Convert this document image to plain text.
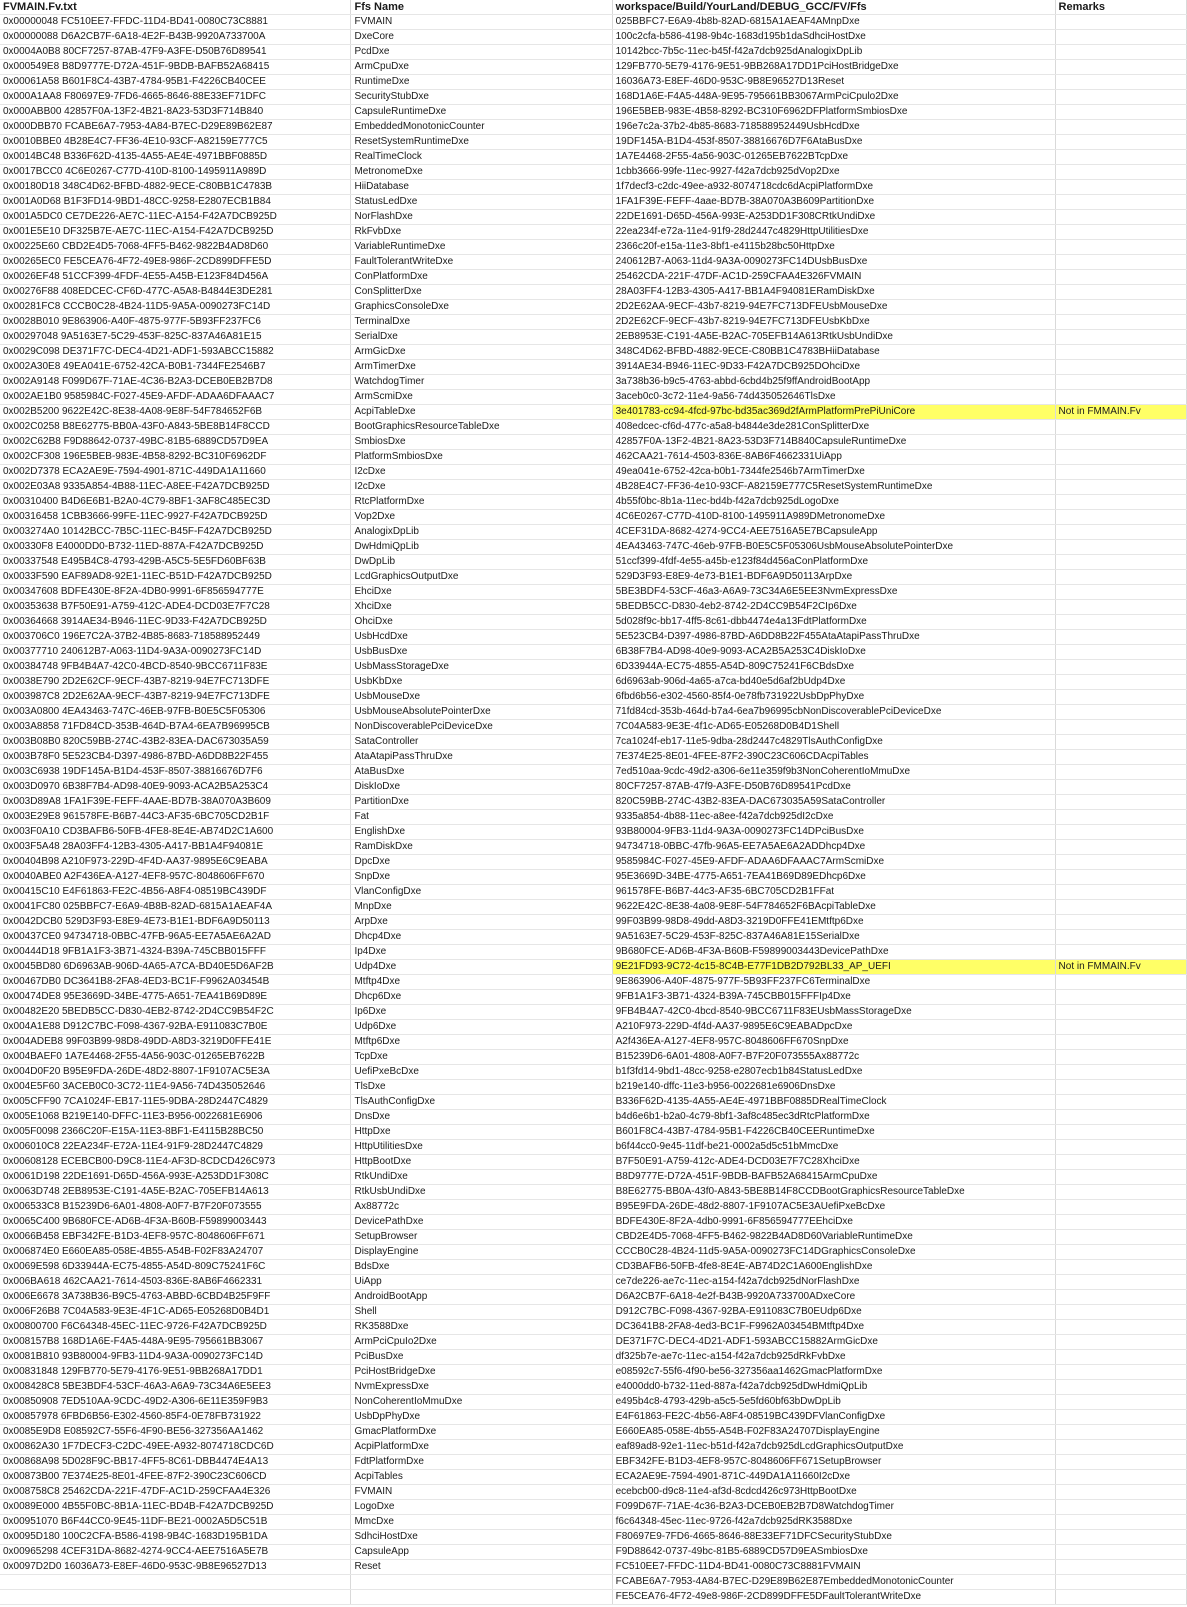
FVMAIN.Fv.txt	Ffs Name	workspace/Build/YourLand/DEBUG_GCC/FV/Ffs	Remarks
0x00000048 FC510EE7-FFDC-11D4-BD41-0080C73C8881	FVMAIN	025BBFC7-E6A9-4b8b-82AD-6815A1AEAF4AMnpDxe	
0x00000088 D6A2CB7F-6A18-4E2F-B43B-9920A733700A	DxeCore	100c2cfa-b586-4198-9b4c-1683d195b1daSdhciHostDxe	
0x0004A0B8 80CF7257-87AB-47F9-A3FE-D50B76D89541	PcdDxe	10142bcc-7b5c-11ec-b45f-f42a7dcb925dAnalogixDpLib	
0x000549E8 B8D9777E-D72A-451F-9BDB-BAFB52A68415	ArmCpuDxe	129FB770-5E79-4176-9E51-9BB268A17DD1PciHostBridgeDxe	
0x00061A58 B601F8C4-43B7-4784-95B1-F4226CB40CEE	RuntimeDxe	16036A73-E8EF-46D0-953C-9B8E96527D13Reset	
0x000A1AA8 F80697E9-7FD6-4665-8646-88E33EF71DFC	SecurityStubDxe	168D1A6E-F4A5-448A-9E95-795661BB3067ArmPciCpulo2Dxe	
0x000ABB00 42857F0A-13F2-4B21-8A23-53D3F714B840	CapsuleRuntimeDxe	196E5BEB-983E-4B58-8292-BC310F6962DFPlatformSmbiosDxe	
0x000DBB70 FCABE6A7-7953-4A84-B7EC-D29E89B62E87	EmbeddedMonotonicCounter	196e7c2a-37b2-4b85-8683-718588952449UsbHcdDxe	
0x0010BBE0 4B28E4C7-FF36-4E10-93CF-A82159E777C5	ResetSystemRuntimeDxe	19DF145A-B1D4-453f-8507-38816676D7F6AtaBusDxe	
0x0014BC48 B336F62D-4135-4A55-AE4E-4971BBF0885D	RealTimeClock	1A7E4468-2F55-4a56-903C-01265EB7622BTcpDxe	
0x0017BCC0 4C6E0267-C77D-410D-8100-1495911A989D	MetronomeDxe	1cbb3666-99fe-11ec-9927-f42a7dcb925dVop2Dxe	
0x00180D18 348C4D62-BFBD-4882-9ECE-C80BB1C4783B	HiiDatabase	1f7decf3-c2dc-49ee-a932-8074718cdc6dAcpiPlatformDxe	
0x001A0D68 B1F3FD14-9BD1-48CC-9258-E2807ECB1B84	StatusLedDxe	1FA1F39E-FEFF-4aae-BD7B-38A070A3B609PartitionDxe	
0x001A5DC0 CE7DE226-AE7C-11EC-A154-F42A7DCB925D	NorFlashDxe	22DE1691-D65D-456A-993E-A253DD1F308CRtkUndiDxe	
0x001E5E10 DF325B7E-AE7C-11EC-A154-F42A7DCB925D	RkFvbDxe	22ea234f-e72a-11e4-91f9-28d2447c4829HttpUtilitiesDxe	
0x00225E60 CBD2E4D5-7068-4FF5-B462-9822B4AD8D60	VariableRuntimeDxe	2366c20f-e15a-11e3-8bf1-e4115b28bc50HttpDxe	
0x00265EC0 FE5CEA76-4F72-49E8-986F-2CD899DFFE5D	FaultTolerantWriteDxe	240612B7-A063-11d4-9A3A-0090273FC14DUsbBusDxe	
0x0026EF48 51CCF399-4FDF-4E55-A45B-E123F84D456A	ConPlatformDxe	25462CDA-221F-47DF-AC1D-259CFAA4E326FVMAIN	
0x00276F88 408EDCEC-CF6D-477C-A5A8-B4844E3DE281	ConSplitterDxe	28A03FF4-12B3-4305-A417-BB1A4F94081ERamDiskDxe	
0x00281FC8 CCCB0C28-4B24-11D5-9A5A-0090273FC14D	GraphicsConsoleDxe	2D2E62AA-9ECF-43b7-8219-94E7FC713DFEUsbMouseDxe	
0x0028B010 9E863906-A40F-4875-977F-5B93FF237FC6	TerminalDxe	2D2E62CF-9ECF-43b7-8219-94E7FC713DFEUsbKbDxe	
0x00297048 9A5163E7-5C29-453F-825C-837A46A81E15	SerialDxe	2EB8953E-C191-4A5E-B2AC-705EFB14A613RtkUsbUndiDxe	
0x0029C098 DE371F7C-DEC4-4D21-ADF1-593ABCC15882	ArmGicDxe	348C4D62-BFBD-4882-9ECE-C80BB1C4783BHiiDatabase	
0x002A30E8 49EA041E-6752-42CA-B0B1-7344FE2546B7	ArmTimerDxe	3914AE34-B946-11EC-9D33-F42A7DCB925DOhciDxe	
0x002A9148 F099D67F-71AE-4C36-B2A3-DCEB0EB2B7D8	WatchdogTimer	3a738b36-b9c5-4763-abbd-6cbd4b25f9ffAndroidBootApp	
0x002AE1B0 9585984C-F027-45E9-AFDF-ADAA6DFAAAC7	ArmScmiDxe	3aceb0c0-3c72-11e4-9a56-74d435052646TlsDxe	
0x002B5200 9622E42C-8E38-4A08-9E8F-54F784652F6B	AcpiTableDxe	3e401783-cc94-4fcd-97bc-bd35ac369d2fArmPlatformPrePiUniCore	Not in FMMAIN.Fv
0x002C0258 B8E62775-BB0A-43F0-A843-5BE8B14F8CCD	BootGraphicsResourceTableDxe	408edcec-cf6d-477c-a5a8-b4844e3de281ConSplitterDxe	
0x002C62B8 F9D88642-0737-49BC-81B5-6889CD57D9EA	SmbiosDxe	42857F0A-13F2-4B21-8A23-53D3F714B840CapsuleRuntimeDxe	
0x002CF308 196E5BEB-983E-4B58-8292-BC310F6962DF	PlatformSmbiosDxe	462CAA21-7614-4503-836E-8AB6F4662331UiApp	
0x002D7378 ECA2AE9E-7594-4901-871C-449DA1A11660	I2cDxe	49ea041e-6752-42ca-b0b1-7344fe2546b7ArmTimerDxe	
0x002E03A8 9335A854-4B88-11EC-A8EE-F42A7DCB925D	I2cDxe	4B28E4C7-FF36-4e10-93CF-A82159E777C5ResetSystemRuntimeDxe	
0x00310400 B4D6E6B1-B2A0-4C79-8BF1-3AF8C485EC3D	RtcPlatformDxe	4b55f0bc-8b1a-11ec-bd4b-f42a7dcb925dLogoDxe	
0x00316458 1CBB3666-99FE-11EC-9927-F42A7DCB925D	Vop2Dxe	4C6E0267-C77D-410D-8100-1495911A989DMetronomeDxe	
0x003274A0 10142BCC-7B5C-11EC-B45F-F42A7DCB925D	AnalogixDpLib	4CEF31DA-8682-4274-9CC4-AEE7516A5E7BCapsuleApp	
0x00330F8 E4000DD0-B732-11ED-887A-F42A7DCB925D	DwHdmiQpLib	4EA43463-747C-46eb-97FB-B0E5C5F05306UsbMouseAbsolutePointerDxe	
0x00337548 E495B4C8-4793-429B-A5C5-5E5FD60BF63B	DwDpLib	51ccf399-4fdf-4e55-a45b-e123f84d456aConPlatformDxe	
0x0033F590 EAF89AD8-92E1-11EC-B51D-F42A7DCB925D	LcdGraphicsOutputDxe	529D3F93-E8E9-4e73-B1E1-BDF6A9D50113ArpDxe	
0x00347608 BDFE430E-8F2A-4DB0-9991-6F856594777E	EhciDxe	5BE3BDF4-53CF-46a3-A6A9-73C34A6E5EE3NvmExpressDxe	
0x00353638 B7F50E91-A759-412C-ADE4-DCD03E7F7C28	XhciDxe	5BEDB5CC-D830-4eb2-8742-2D4CC9B54F2CIp6Dxe	
0x00364668 3914AE34-B946-11EC-9D33-F42A7DCB925D	OhciDxe	5d028f9c-bb17-4ff5-8c61-dbb4474e4a13FdtPlatformDxe	
0x003706C0 196E7C2A-37B2-4B85-8683-718588952449	UsbHcdDxe	5E523CB4-D397-4986-87BD-A6DD8B22F455AtaAtapiPassThruDxe	
0x00377710 240612B7-A063-11D4-9A3A-0090273FC14D	UsbBusDxe	6B38F7B4-AD98-40e9-9093-ACA2B5A253C4DiskIoDxe	
0x00384748 9FB4B4A7-42C0-4BCD-8540-9BCC6711F83E	UsbMassStorageDxe	6D33944A-EC75-4855-A54D-809C75241F6CBdsDxe	
0x0038E790 2D2E62CF-9ECF-43B7-8219-94E7FC713DFE	UsbKbDxe	6d6963ab-906d-4a65-a7ca-bd40e5d6af2bUdp4Dxe	
0x003987C8 2D2E62AA-9ECF-43B7-8219-94E7FC713DFE	UsbMouseDxe	6fbd6b56-e302-4560-85f4-0e78fb731922UsbDpPhyDxe	
0x003A0800 4EA43463-747C-46EB-97FB-B0E5C5F05306	UsbMouseAbsolutePointerDxe	71fd84cd-353b-464d-b7a4-6ea7b96995cbNonDiscoverablePciDeviceDxe	
0x003A8858 71FD84CD-353B-464D-B7A4-6EA7B96995CB	NonDiscoverablePciDeviceDxe	7C04A583-9E3E-4f1c-AD65-E05268D0B4D1Shell	
0x003B08B0 820C59BB-274C-43B2-83EA-DAC673035A59	SataController	7ca1024f-eb17-11e5-9dba-28d2447c4829TlsAuthConfigDxe	
0x003B78F0 5E523CB4-D397-4986-87BD-A6DD8B22F455	AtaAtapiPassThruDxe	7E374E25-8E01-4FEE-87F2-390C23C606CDAcpiTables	
0x003C6938 19DF145A-B1D4-453F-8507-38816676D7F6	AtaBusDxe	7ed510aa-9cdc-49d2-a306-6e11e359f9b3NonCoherentIoMmuDxe	
0x003D0970 6B38F7B4-AD98-40E9-9093-ACA2B5A253C4	DiskIoDxe	80CF7257-87AB-47f9-A3FE-D50B76D89541PcdDxe	
0x003D89A8 1FA1F39E-FEFF-4AAE-BD7B-38A070A3B609	PartitionDxe	820C59BB-274C-43B2-83EA-DAC673035A59SataController	
0x003E29E8 961578FE-B6B7-44C3-AF35-6BC705CD2B1F	Fat	9335a854-4b88-11ec-a8ee-f42a7dcb925dI2cDxe	
0x003F0A10 CD3BAFB6-50FB-4FE8-8E4E-AB74D2C1A600	EnglishDxe	93B80004-9FB3-11d4-9A3A-0090273FC14DPciBusDxe	
0x003F5A48 28A03FF4-12B3-4305-A417-BB1A4F94081E	RamDiskDxe	94734718-0BBC-47fb-96A5-EE7A5AE6A2ADDhcp4Dxe	
0x00404B98 A210F973-229D-4F4D-AA37-9895E6C9EABA	DpcDxe	9585984C-F027-45E9-AFDF-ADAA6DFAAAC7ArmScmiDxe	
0x0040ABE0 A2F436EA-A127-4EF8-957C-8048606FF670	SnpDxe	95E3669D-34BE-4775-A651-7EA41B69D89EDhcp6Dxe	
0x00415C10 E4F61863-FE2C-4B56-A8F4-08519BC439DF	VlanConfigDxe	961578FE-B6B7-44c3-AF35-6BC705CD2B1FFat	
0x0041FC80 025BBFC7-E6A9-4B8B-82AD-6815A1AEAF4A	MnpDxe	9622E42C-8E38-4a08-9E8F-54F784652F6BAcpiTableDxe	
0x0042DCB0 529D3F93-E8E9-4E73-B1E1-BDF6A9D50113	ArpDxe	99F03B99-98D8-49dd-A8D3-3219D0FFE41EMtftp6Dxe	
0x00437CE0 94734718-0BBC-47FB-96A5-EE7A5AE6A2AD	Dhcp4Dxe	9A5163E7-5C29-453F-825C-837A46A81E15SerialDxe	
0x00444D18 9FB1A1F3-3B71-4324-B39A-745CBB015FFF	Ip4Dxe	9B680FCE-AD6B-4F3A-B60B-F59899003443DevicePathDxe	
0x0045BD80 6D6963AB-906D-4A65-A7CA-BD40E5D6AF2B	Udp4Dxe	9E21FD93-9C72-4c15-8C4B-E77F1DB2D792BL33_AP_UEFI	Not in FMMAIN.Fv
0x00467DB0 DC3641B8-2FA8-4ED3-BC1F-F9962A03454B	Mtftp4Dxe	9E863906-A40F-4875-977F-5B93FF237FC6TerminalDxe	
0x00474DE8 95E3669D-34BE-4775-A651-7EA41B69D89E	Dhcp6Dxe	9FB1A1F3-3B71-4324-B39A-745CBB015FFFIp4Dxe	
0x00482E20 5BEDB5CC-D830-4EB2-8742-2D4CC9B54F2C	Ip6Dxe	9FB4B4A7-42C0-4bcd-8540-9BCC6711F83EUsbMassStorageDxe	
0x004A1E88 D912C7BC-F098-4367-92BA-E911083C7B0E	Udp6Dxe	A210F973-229D-4f4d-AA37-9895E6C9EABADpcDxe	
0x004ADEB8 99F03B99-98D8-49DD-A8D3-3219D0FFE41E	Mtftp6Dxe	A2f436EA-A127-4EF8-957C-8048606FF670SnpDxe	
0x004BAEF0 1A7E4468-2F55-4A56-903C-01265EB7622B	TcpDxe	B15239D6-6A01-4808-A0F7-B7F20F073555Ax88772c	
0x004D0F20 B95E9FDA-26DE-48D2-8807-1F9107AC5E3A	UefiPxeBcDxe	b1f3fd14-9bd1-48cc-9258-e2807ecb1b84StatusLedDxe	
0x004E5F60 3ACEB0C0-3C72-11E4-9A56-74D435052646	TlsDxe	b219e140-dffc-11e3-b956-0022681e6906DnsDxe	
0x005CFF90 7CA1024F-EB17-11E5-9DBA-28D2447C4829	TlsAuthConfigDxe	B336F62D-4135-4A55-AE4E-4971BBF0885DRealTimeClock	
0x005E1068 B219E140-DFFC-11E3-B956-0022681E6906	DnsDxe	b4d6e6b1-b2a0-4c79-8bf1-3af8c485ec3dRtcPlatformDxe	
0x005F0098 2366C20F-E15A-11E3-8BF1-E4115B28BC50	HttpDxe	B601F8C4-43B7-4784-95B1-F4226CB40CEERuntimeDxe	
0x006010C8 22EA234F-E72A-11E4-91F9-28D2447C4829	HttpUtilitiesDxe	b6f44cc0-9e45-11df-be21-0002a5d5c51bMmcDxe	
0x00608128 ECEBCB00-D9C8-11E4-AF3D-8CDCD426C973	HttpBootDxe	B7F50E91-A759-412c-ADE4-DCD03E7F7C28XhciDxe	
0x0061D198 22DE1691-D65D-456A-993E-A253DD1F308C	RtkUndiDxe	B8D9777E-D72A-451F-9BDB-BAFB52A68415ArmCpuDxe	
0x0063D748 2EB8953E-C191-4A5E-B2AC-705EFB14A613	RtkUsbUndiDxe	B8E62775-BB0A-43f0-A843-5BE8B14F8CCDBootGraphicsResourceTableDxe	
0x006533C8 B15239D6-6A01-4808-A0F7-B7F20F073555	Ax88772c	B95E9FDA-26DE-48d2-8807-1F9107AC5E3AUefiPxeBcDxe	
0x0065C400 9B680FCE-AD6B-4F3A-B60B-F59899003443	DevicePathDxe	BDFE430E-8F2A-4db0-9991-6F856594777EEhciDxe	
0x0066B458 EBF342FE-B1D3-4EF8-957C-8048606FF671	SetupBrowser	CBD2E4D5-7068-4FF5-B462-9822B4AD8D60VariableRuntimeDxe	
0x006874E0 E660EA85-058E-4B55-A54B-F02F83A24707	DisplayEngine	CCCB0C28-4B24-11d5-9A5A-0090273FC14DGraphicsConsoleDxe	
0x0069E598 6D33944A-EC75-4855-A54D-809C75241F6C	BdsDxe	CD3BAFB6-50FB-4fe8-8E4E-AB74D2C1A600EnglishDxe	
0x006BA618 462CAA21-7614-4503-836E-8AB6F4662331	UiApp	ce7de226-ae7c-11ec-a154-f42a7dcb925dNorFlashDxe	
0x006E6678 3A738B36-B9C5-4763-ABBD-6CBD4B25F9FF	AndroidBootApp	D6A2CB7F-6A18-4e2f-B43B-9920A733700ADxeCore	
0x006F26B8 7C04A583-9E3E-4F1C-AD65-E05268D0B4D1	Shell	D912C7BC-F098-4367-92BA-E911083C7B0EUdp6Dxe	
0x00800700 F6C64348-45EC-11EC-9726-F42A7DCB925D	RK3588Dxe	DC3641B8-2FA8-4ed3-BC1F-F9962A03454BMtftp4Dxe	
0x008157B8 168D1A6E-F4A5-448A-9E95-795661BB3067	ArmPciCpuIo2Dxe	DE371F7C-DEC4-4D21-ADF1-593ABCC15882ArmGicDxe	
0x0081B810 93B80004-9FB3-11D4-9A3A-0090273FC14D	PciBusDxe	df325b7e-ae7c-11ec-a154-f42a7dcb925dRkFvbDxe	
0x00831848 129FB770-5E79-4176-9E51-9BB268A17DD1	PciHostBridgeDxe	e08592c7-55f6-4f90-be56-327356aa1462GmacPlatformDxe	
0x008428C8 5BE3BDF4-53CF-46A3-A6A9-73C34A6E5EE3	NvmExpressDxe	e4000dd0-b732-11ed-887a-f42a7dcb925dDwHdmiQpLib	
0x00850908 7ED510AA-9CDC-49D2-A306-6E11E359F9B3	NonCoherentIoMmuDxe	e495b4c8-4793-429b-a5c5-5e5fd60bf63bDwDpLib	
0x00857978 6FBD6B56-E302-4560-85F4-0E78FB731922	UsbDpPhyDxe	E4F61863-FE2C-4b56-A8F4-08519BC439DFVlanConfigDxe	
0x0085E9D8 E08592C7-55F6-4F90-BE56-327356AA1462	GmacPlatformDxe	E660EA85-058E-4b55-A54B-F02F83A24707DisplayEngine	
0x00862A30 1F7DECF3-C2DC-49EE-A932-8074718CDC6D	AcpiPlatformDxe	eaf89ad8-92e1-11ec-b51d-f42a7dcb925dLcdGraphicsOutputDxe	
0x00868A98 5D028F9C-BB17-4FF5-8C61-DBB4474E4A13	FdtPlatformDxe	EBF342FE-B1D3-4EF8-957C-8048606FF671SetupBrowser	
0x00873B00 7E374E25-8E01-4FEE-87F2-390C23C606CD	AcpiTables	ECA2AE9E-7594-4901-871C-449DA1A11660I2cDxe	
0x008758C8 25462CDA-221F-47DF-AC1D-259CFAA4E326	FVMAIN	ecebcb00-d9c8-11e4-af3d-8cdcd426c973HttpBootDxe	
0x0089E000 4B55F0BC-8B1A-11EC-BD4B-F42A7DCB925D	LogoDxe	F099D67F-71AE-4c36-B2A3-DCEB0EB2B7D8WatchdogTimer	
0x00951070 B6F44CC0-9E45-11DF-BE21-0002A5D5C51B	MmcDxe	f6c64348-45ec-11ec-9726-f42a7dcb925dRK3588Dxe	
0x0095D180 100C2CFA-B586-4198-9B4C-1683D195B1DA	SdhciHostDxe	F80697E9-7FD6-4665-8646-88E33EF71DFCSecurityStubDxe	
0x00965298 4CEF31DA-8682-4274-9CC4-AEE7516A5E7B	CapsuleApp	F9D88642-0737-49bc-81B5-6889CD57D9EASmbiosDxe	
0x0097D2D0 16036A73-E8EF-46D0-953C-9B8E96527D13	Reset	FC510EE7-FFDC-11D4-BD41-0080C73C8881FVMAIN	
		FCABE6A7-7953-4A84-B7EC-D29E89B62E87EmbeddedMonotonicCounter	
		FE5CEA76-4F72-49e8-986F-2CD899DFFE5DFaultTolerantWriteDxe	
